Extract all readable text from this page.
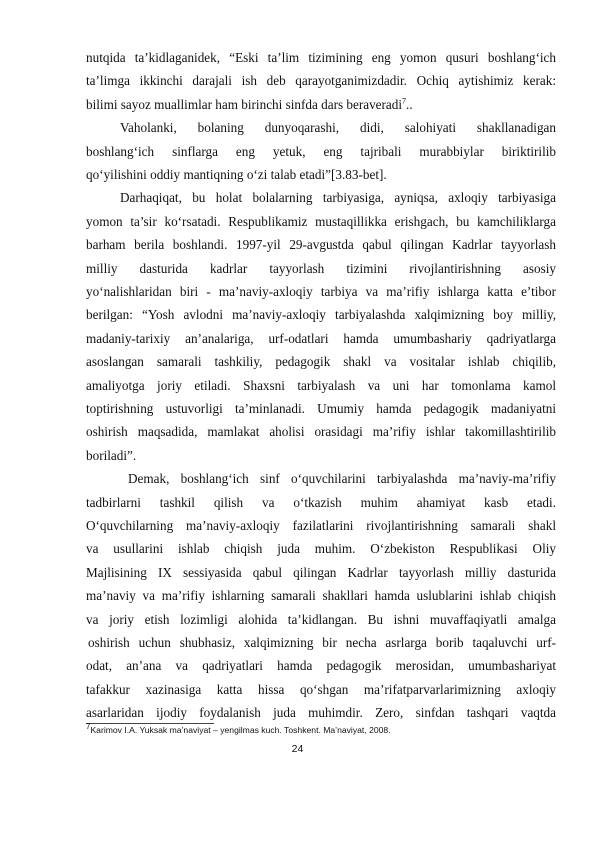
nutqida ta’kidlaganidek, “Eski ta’lim tizimining eng yomon qusuri boshlang‘ich
ta’limga ikkinchi darajali ish deb qarayotganimizdadir. Ochiq aytishimiz kerak:
bilimi sayoz muallimlar ham birinchi sinfda dars beraveradi$^7$..
Vaholanki, bolaning dunyoqarashi, didi, salohiyati shakllanadigan
boshlang‘ich sinflarga eng yetuk, eng tajribali murabbiylar biriktirilib
qo‘yilishini oddiy mantiqning o‘zi talab etadi”[3.83-bet].
Darhaqiqat, bu holat bolalarning tarbiyasiga, ayniqsa, axloqiy tarbiyasiga
yomon ta’sir ko‘rsatadi. Respublikamiz mustaqillikka erishgach, bu kamchiliklarga
barham berila boshlandi. 1997-yil 29-avgustda qabul qilingan Kadrlar tayyorlash
milliy dasturida kadrlar tayyorlash tizimini rivojlantirishning asosiy
yo‘nalishlaridan biri - ma’naviy-axloqiy tarbiya va ma’rifiy ishlarga katta e’tibor
berilgan: “Yosh avlodni ma’naviy-axloqiy tarbiyalashda xalqimizning boy milliy,
madaniy-tarixiy an’analariga, urf-odatlari hamda umumbashariy qadriyatlarga
asoslangan samarali tashkiliy, pedagogik shakl va vositalar ishlab chiqilib,
amaliyotga joriy etiladi. Shaxsni tarbiyalash va uni har tomonlama kamol
toptirishning ustuvorligi ta’minlanadi. Umumiy hamda pedagogik madaniyatni
oshirish maqsadida, mamlakat aholisi orasidagi ma’rifiy ishlar takomillashtirilib
boriladi”.
Demak, boshlang‘ich sinf o‘quvchilarini tarbiyalashda ma’naviy-ma’rifiy
tadbirlarni tashkil qilish va o‘tkazish muhim ahamiyat kasb etadi.
O‘quvchilarning ma’naviy-axloqiy fazilatlarini rivojlantirishning samarali shakl
va usullarini ishlab chiqish juda muhim. O‘zbekiston Respublikasi Oliy
Majlisining IX sessiyasida qabul qilingan Kadrlar tayyorlash milliy dasturida
ma’naviy va ma’rifiy ishlarning samarali shakllari hamda uslublarini ishlab chiqish
va joriy etish lozimligi alohida ta’kidlangan. Bu ishni muvaffaqiyatli amalga
oshirish uchun shubhasiz, xalqimizning bir necha asrlarga borib taqaluvchi urf-
odat, an’ana va qadriyatlari hamda pedagogik merosidan, umumbashariyat
tafakkur xazinasiga katta hissa qo‘shgan ma’rifatparvarlarimizning axloqiy
asarlaridan ijodiy foydalanish juda muhimdir. Zero, sinfdan tashqari vaqtda
$^7$Karimov I.A. Yuksak ma’naviyat – yengilmas kuch. Toshkent. Ma’naviyat, 2008.
24
